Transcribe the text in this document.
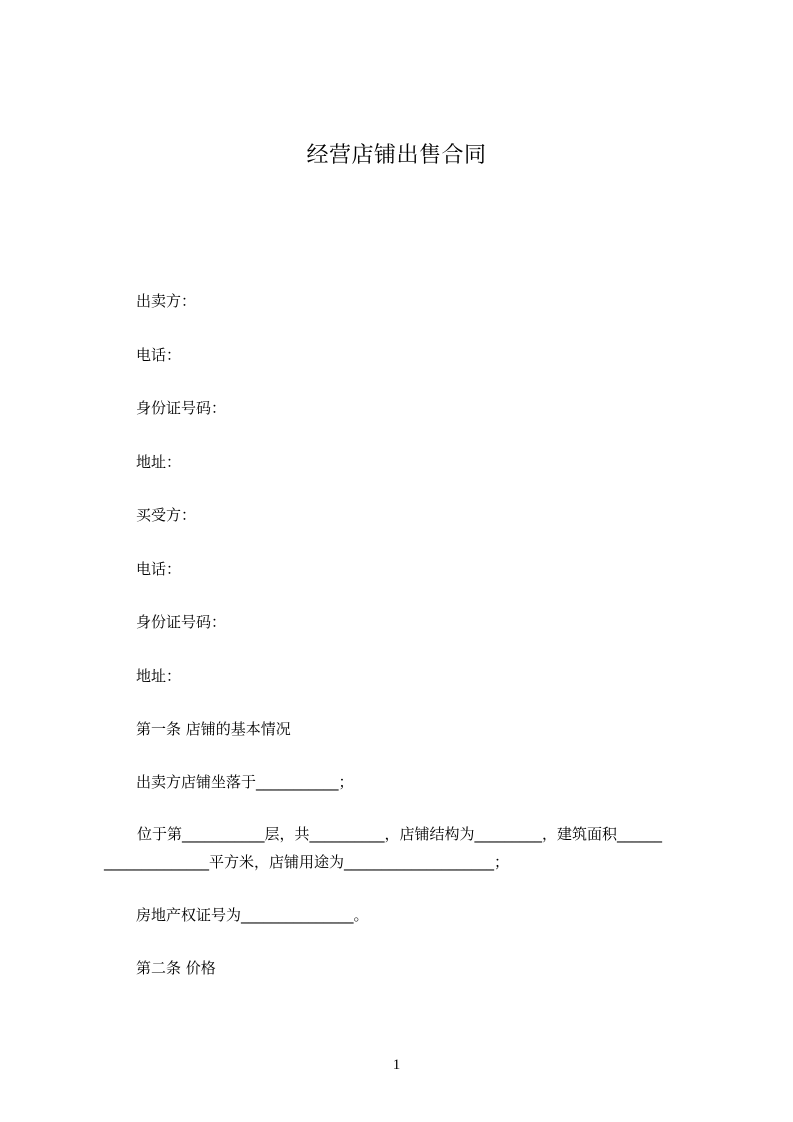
经营店铺出售合同
出卖方：
电话：
身份证号码：
地址：
买受方：
电话：
身份证号码：
地址：
第一条 店铺的基本情况
出卖方店铺坐落于___________；
位于第___________层，共__________，店铺结构为_________，建筑面积______
______________平方米，店铺用途为____________________；
房地产权证号为_______________。
第二条 价格
1
